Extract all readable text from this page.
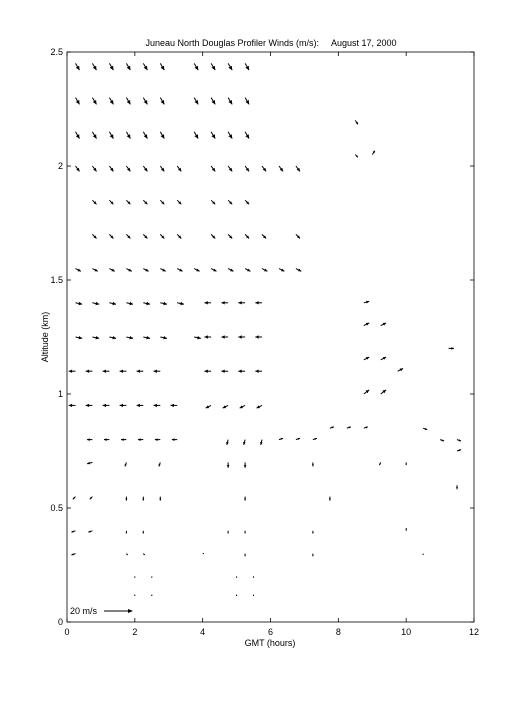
Juneau North Douglas Profiler Winds (m/s):     August 17, 2000
0	2	4	6	8	10	12
0
0.5
1
1.5
2
2.5
GMT (hours)
Altitude (km)
20 m/s
